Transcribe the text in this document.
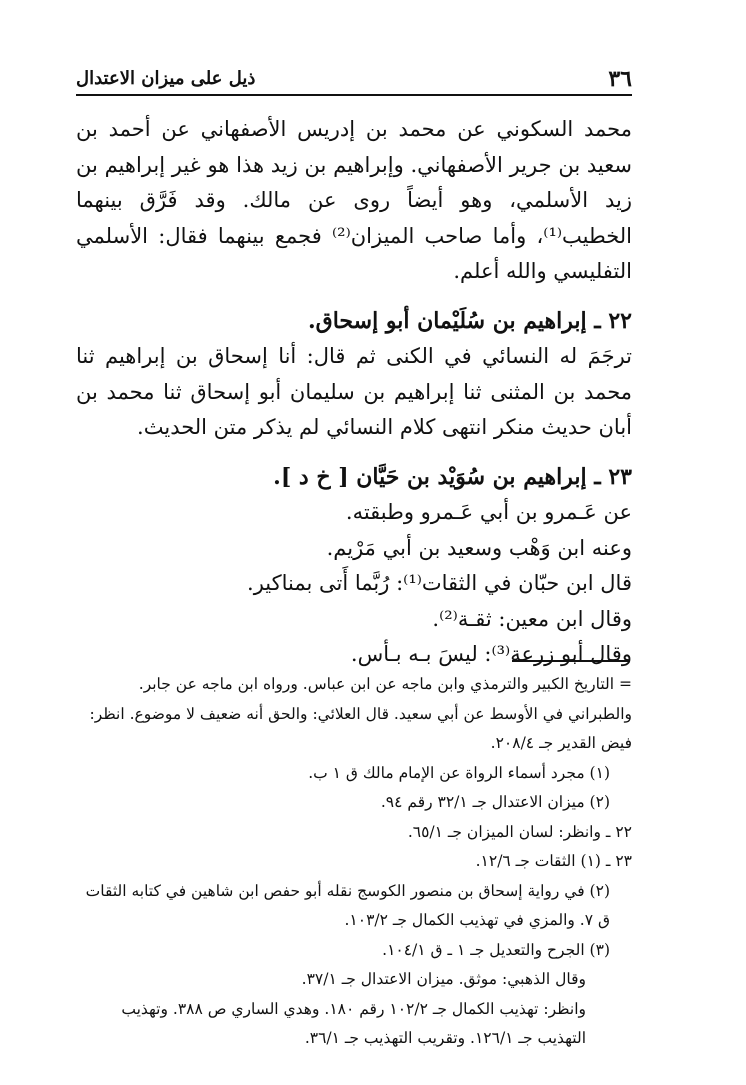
٣٦
ذيل على ميزان الاعتدال

محمد السكوني عن محمد بن إدريس الأصفهاني عن أحمد بن سعيد بن جرير الأصفهاني. وإبراهيم بن زيد هذا هو غير إبراهيم بن زيد الأسلمي، وهو أيضاً روى عن مالك. وقد فَرَّق بينهما الخطيب⁽¹⁾، وأما صاحب الميزان⁽²⁾ فجمع بينهما فقال: الأسلمي التفليسي والله أعلم.

٢٢ ـ إبراهيم بن سُلَيْمان أبو إسحاق.

ترجَمَ له النسائي في الكنى ثم قال: أنا إسحاق بن إبراهيم ثنا محمد بن المثنى ثنا إبراهيم بن سليمان أبو إسحاق ثنا محمد بن أبان حديث منكر انتهى كلام النسائي لم يذكر متن الحديث.

٢٣ ـ إبراهيم بن سُوَيْد بن حَيَّان [ خ د ].

عن عَـمرو بن أبي عَـمرو وطبقته.

وعنه ابن وَهْب وسعيد بن أبي مَرْيم.

قال ابن حبّان في الثقات⁽¹⁾: رُبَّما أَتى بمناكير.

وقال ابن معين: ثقـة⁽²⁾.

وقال أبو زرعة⁽³⁾: ليسَ بـه بـأس.

= التاريخ الكبير والترمذي وابن ماجه عن ابن عباس. ورواه ابن ماجه عن جابر. والطبراني في الأوسط عن أبي سعيد. قال العلائي: والحق أنه ضعيف لا موضوع. انظر: فيض القدير جـ ٢٠٨/٤.

(١) مجرد أسماء الرواة عن الإمام مالك ق ١ ب.

(٢) ميزان الاعتدال جـ ٣٢/١ رقم ٩٤.

٢٢ ـ وانظر: لسان الميزان جـ ٦٥/١.

٢٣ ـ (١) الثقات جـ ١٢/٦.

(٢) في رواية إسحاق بن منصور الكوسج نقله أبو حفص ابن شاهين في كتابه الثقات ق ٧. والمزي في تهذيب الكمال جـ ١٠٣/٢.

(٣) الجرح والتعديل جـ ١ ـ ق ١٠٤/١.

وقال الذهبي: موثق. ميزان الاعتدال جـ ٣٧/١.

وانظر: تهذيب الكمال جـ ١٠٢/٢ رقم ١٨٠. وهدي الساري ص ٣٨٨. وتهذيب التهذيب جـ ١٢٦/١. وتقريب التهذيب جـ ٣٦/١.
